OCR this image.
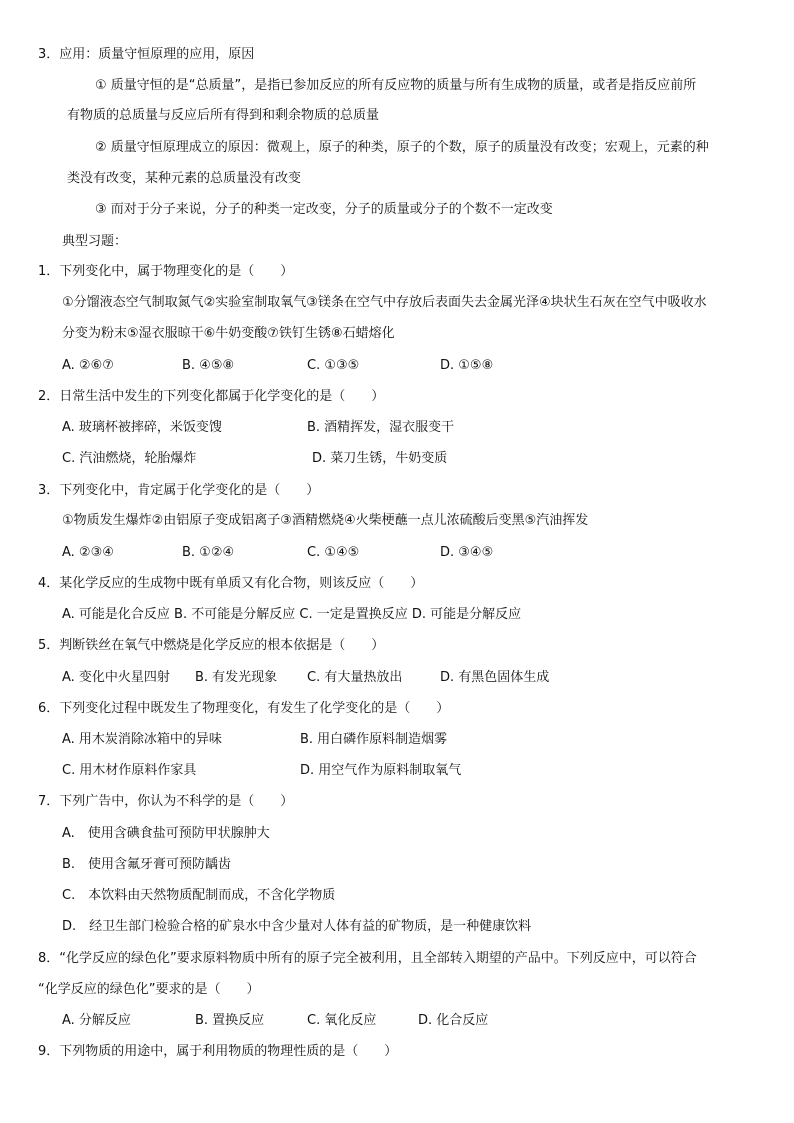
3．应用：质量守恒原理的应用，原因
① 质量守恒的是“总质量”，是指已参加反应的所有反应物的质量与所有生成物的质量，或者是指反应前所
有物质的总质量与反应后所有得到和剩余物质的总质量
② 质量守恒原理成立的原因：微观上，原子的种类，原子的个数，原子的质量没有改变；宏观上，元素的种
类没有改变，某种元素的总质量没有改变
③ 而对于分子来说，分子的种类一定改变，分子的质量或分子的个数不一定改变
典型习题：
1．下列变化中，属于物理变化的是（　　）
①分馏液态空气制取氮气②实验室制取氧气③镁条在空气中存放后表面失去金属光泽④块状生石灰在空气中吸收水
分变为粉末⑤湿衣服晾干⑥牛奶变酸⑦铁钉生锈⑧石蜡熔化
A. ②⑥⑦	B. ④⑤⑧	C. ①③⑤	D. ①⑤⑧
2．日常生活中发生的下列变化都属于化学变化的是（　　）
A. 玻璃杯被摔碎，米饭变馊	B. 酒精挥发，湿衣服变干
C. 汽油燃烧，轮胎爆炸	D. 菜刀生锈，牛奶变质
3．下列变化中，肯定属于化学变化的是（　　）
①物质发生爆炸②由铝原子变成铝离子③酒精燃烧④火柴梗蘸一点儿浓硫酸后变黑⑤汽油挥发
A. ②③④	B. ①②④	C. ①④⑤	D. ③④⑤
4．某化学反应的生成物中既有单质又有化合物，则该反应（　　）
A. 可能是化合反应 B. 不可能是分解反应 C. 一定是置换反应 D. 可能是分解反应
5．判断铁丝在氧气中燃烧是化学反应的根本依据是（　　）
A. 变化中火星四射 B. 有发光现象 C. 有大量热放出	D. 有黑色固体生成
6．下列变化过程中既发生了物理变化，有发生了化学变化的是（　　）
A. 用木炭消除冰箱中的异味	B. 用白磷作原料制造烟雾
C. 用木材作原料作家具	D. 用空气作为原料制取氧气
7．下列广告中，你认为不科学的是（　　）
A.　使用含碘食盐可预防甲状腺肿大
B.　使用含氟牙膏可预防龋齿
C.　本饮料由天然物质配制而成，不含化学物质
D.　经卫生部门检验合格的矿泉水中含少量对人体有益的矿物质，是一种健康饮料
8．“化学反应的绿色化”要求原料物质中所有的原子完全被利用，且全部转入期望的产品中。下列反应中，可以符合
“化学反应的绿色化”要求的是（　　）
A. 分解反应	B. 置换反应	C. 氧化反应	D. 化合反应
9．下列物质的用途中，属于利用物质的物理性质的是（　　）
